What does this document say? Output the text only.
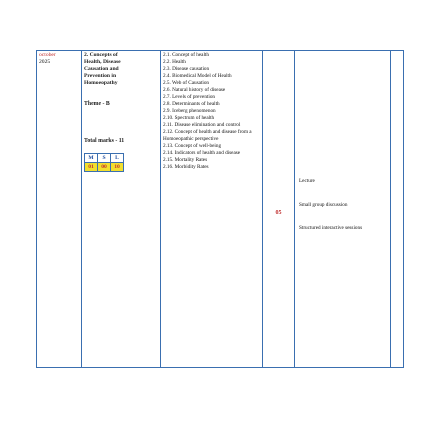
october
2025

2. Concepts of
Health, Disease
Causation and
Prevention in
Homoeopathy
Theme - B
Total marks - 11
M	S	L
01	00	10

2.1. Concept of health
2.2. Health
2.3. Disease causation
2.4. Biomedical Model of Health
2.5. Web of Causation
2.6. Natural history of disease
2.7. Levels of prevention
2.8. Determinants of health
2.9. Iceberg phenomenon
2.10. Spectrum of health
2.11. Disease elimination and control
2.12. Concept of health and disease from a Homoeopathic perspective
2.13. Concept of well-being
2.14. Indicators of health and disease
2.15. Mortality Rates
2.16. Morbidity Rates

05

Lecture
Small group discussion
Structured interactive sessions
